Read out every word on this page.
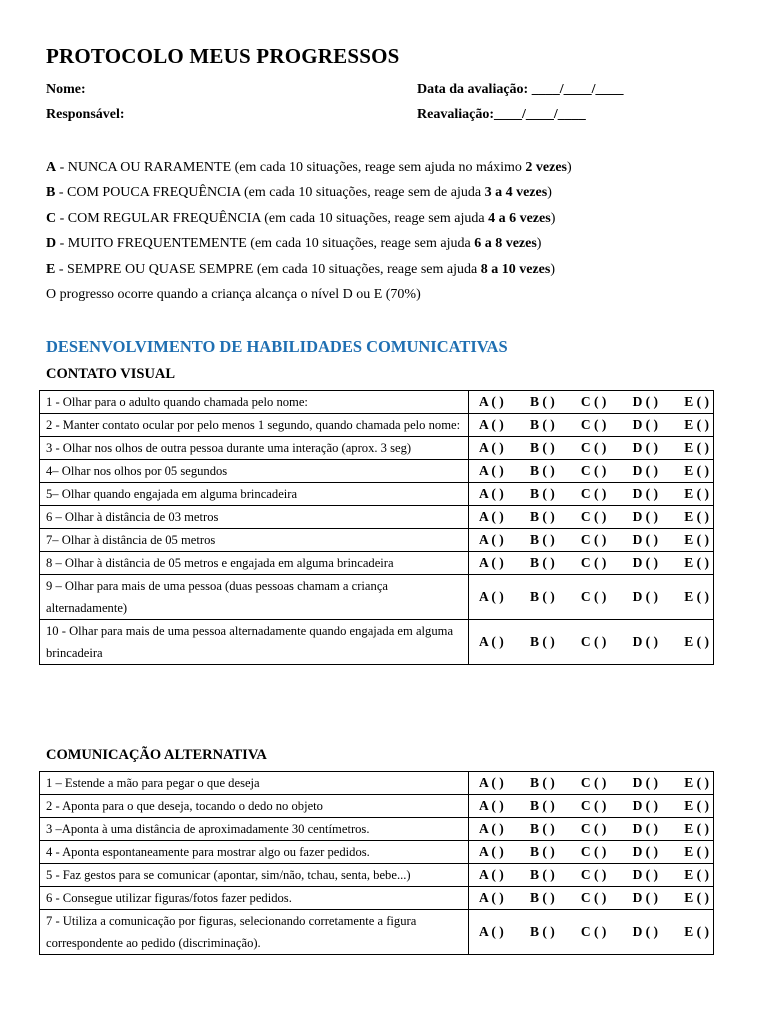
PROTOCOLO MEUS PROGRESSOS
Nome:	Data da avaliação: ____/____/____
Responsável:	Reavaliação:____/____/____
A - NUNCA OU RARAMENTE (em cada 10 situações, reage sem ajuda no máximo 2 vezes)
B - COM POUCA FREQUÊNCIA (em cada 10 situações, reage sem de ajuda 3 a 4 vezes)
C - COM REGULAR FREQUÊNCIA (em cada 10 situações, reage sem ajuda 4 a 6 vezes)
D - MUITO FREQUENTEMENTE (em cada 10 situações, reage sem ajuda 6 a 8 vezes)
E - SEMPRE OU QUASE SEMPRE (em cada 10 situações, reage sem ajuda 8 a 10 vezes)
O progresso ocorre quando a criança alcança o nível D ou E (70%)
DESENVOLVIMENTO DE HABILIDADES COMUNICATIVAS
CONTATO VISUAL
1 - Olhar para o adulto quando chamada pelo nome:	A ( ) B ( ) C ( ) D ( ) E ( )

2 - Manter contato ocular por pelo menos 1 segundo, quando chamada pelo nome:	A ( ) B ( ) C ( ) D ( ) E ( )

3 - Olhar nos olhos de outra pessoa durante uma interação (aprox. 3 seg)	A ( ) B ( ) C ( ) D ( ) E ( )

4– Olhar nos olhos por 05 segundos	A ( ) B ( ) C ( ) D ( ) E ( )

5– Olhar quando engajada em alguma brincadeira	A ( ) B ( ) C ( ) D ( ) E ( )

6 – Olhar à distância de 03 metros	A ( ) B ( ) C ( ) D ( ) E ( )

7– Olhar à distância de 05 metros	A ( ) B ( ) C ( ) D ( ) E ( )

8 – Olhar à distância de 05 metros e engajada em alguma brincadeira	A ( ) B ( ) C ( ) D ( ) E ( )

9 – Olhar para mais de uma pessoa (duas pessoas chamam a criança alternadamente)	A ( ) B ( ) C ( ) D ( ) E ( )

10 - Olhar para mais de uma pessoa alternadamente quando engajada em alguma brincadeira	A ( ) B ( ) C ( ) D ( ) E ( )
COMUNICAÇÃO ALTERNATIVA
1 – Estende a mão para pegar o que deseja	A ( ) B ( ) C ( ) D ( ) E ( )

2 - Aponta para o que deseja, tocando o dedo no objeto	A ( ) B ( ) C ( ) D ( ) E ( )

3 –Aponta à uma distância de aproximadamente 30 centímetros.	A ( ) B ( ) C ( ) D ( ) E ( )

4 - Aponta espontaneamente para mostrar algo ou fazer pedidos.	A ( ) B ( ) C ( ) D ( ) E ( )

5 - Faz gestos para se comunicar (apontar, sim/não, tchau, senta, bebe...)	A ( ) B ( ) C ( ) D ( ) E ( )

6 - Consegue utilizar figuras/fotos fazer pedidos.	A ( ) B ( ) C ( ) D ( ) E ( )

7 - Utiliza a comunicação por figuras, selecionando corretamente a figura correspondente ao pedido (discriminação).	A ( ) B ( ) C ( ) D ( ) E ( )
